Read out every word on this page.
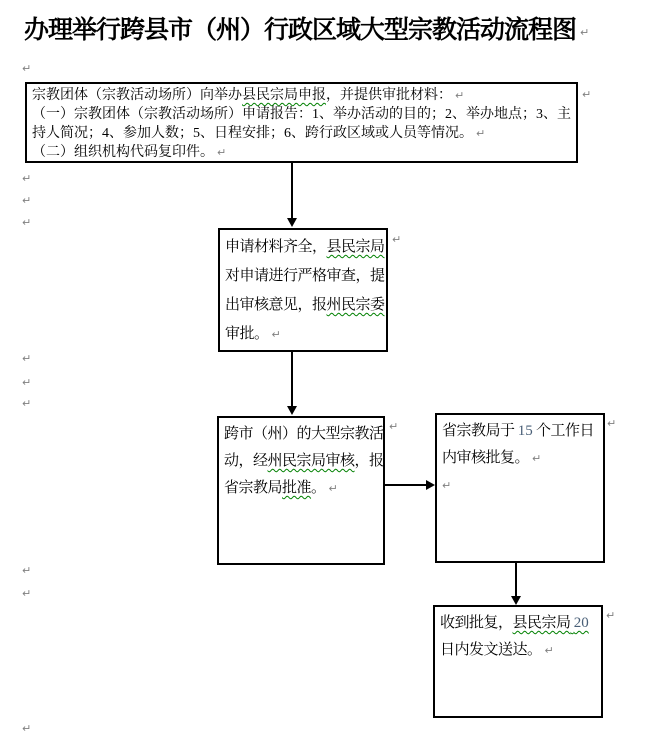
办理举行跨县市（州）行政区域大型宗教活动流程图 ↵
↵
↵
↵
↵
↵
↵
↵
↵
↵
↵
↵
↵
↵	↵
↵
宗教团体（宗教活动场所）向举办县民宗局申报，并提供审批材料： ↵
（一）宗教团体（宗教活动场所）申请报告：1、举办活动的目的；2、举办地点；3、主
持人简况；4、参加人数；5、日程安排；6、跨行政区域或人员等情况。 ↵
（二）组织机构代码复印件。 ↵
申请材料齐全，县民宗局
对申请进行严格审查，提
出审核意见，报州民宗委
审批。 ↵
跨市（州）的大型宗教活
动，经州民宗局审核，报
省宗教局批准。 ↵
省宗教局于 15 个工作日
内审核批复。 ↵
↵
收到批复，县民宗局 20
日内发文送达。 ↵
